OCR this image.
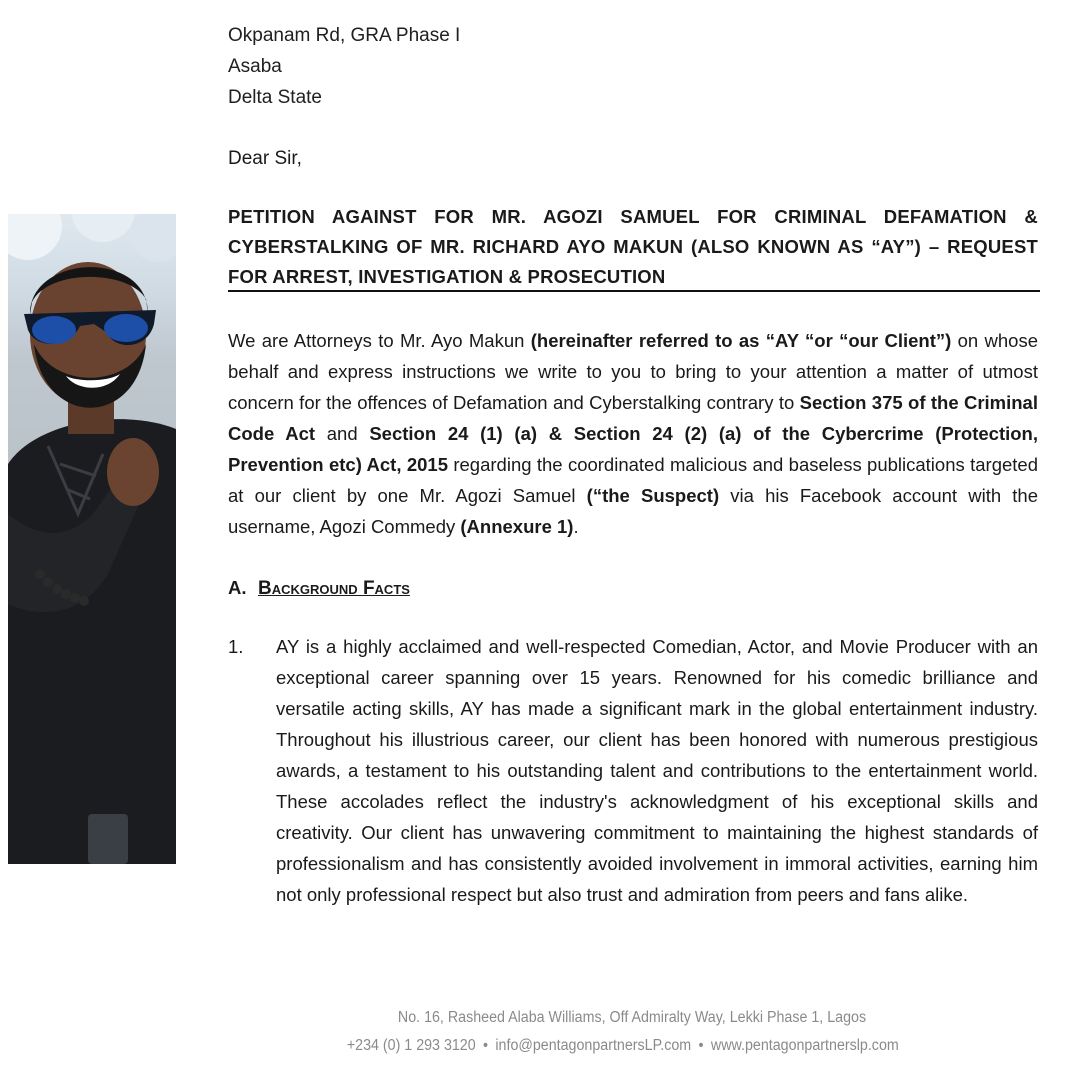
Okpanam Rd, GRA Phase I
Asaba
Delta State
Dear Sir,
PETITION AGAINST FOR MR. AGOZI SAMUEL FOR CRIMINAL DEFAMATION & CYBERSTALKING OF MR. RICHARD AYO MAKUN (ALSO KNOWN AS “AY”) – REQUEST FOR ARREST, INVESTIGATION & PROSECUTION
We are Attorneys to Mr. Ayo Makun (hereinafter referred to as “AY “or “our Client”) on whose behalf and express instructions we write to you to bring to your attention a matter of utmost concern for the offences of Defamation and Cyberstalking contrary to Section 375 of the Criminal Code Act and Section 24 (1) (a) & Section 24 (2) (a) of the Cybercrime (Protection, Prevention etc) Act, 2015 regarding the coordinated malicious and baseless publications targeted at our client by one Mr. Agozi Samuel (“the Suspect) via his Facebook account with the username, Agozi Commedy (Annexure 1).
A. Background Facts
1. AY is a highly acclaimed and well-respected Comedian, Actor, and Movie Producer with an exceptional career spanning over 15 years. Renowned for his comedic brilliance and versatile acting skills, AY has made a significant mark in the global entertainment industry. Throughout his illustrious career, our client has been honored with numerous prestigious awards, a testament to his outstanding talent and contributions to the entertainment world. These accolades reflect the industry's acknowledgment of his exceptional skills and creativity. Our client has unwavering commitment to maintaining the highest standards of professionalism and has consistently avoided involvement in immoral activities, earning him not only professional respect but also trust and admiration from peers and fans alike.
No. 16, Rasheed Alaba Williams, Off Admiralty Way, Lekki Phase 1, Lagos
+234 (0) 1 293 3120 • info@pentagonpartnersLP.com • www.pentagonpartnerslp.com
